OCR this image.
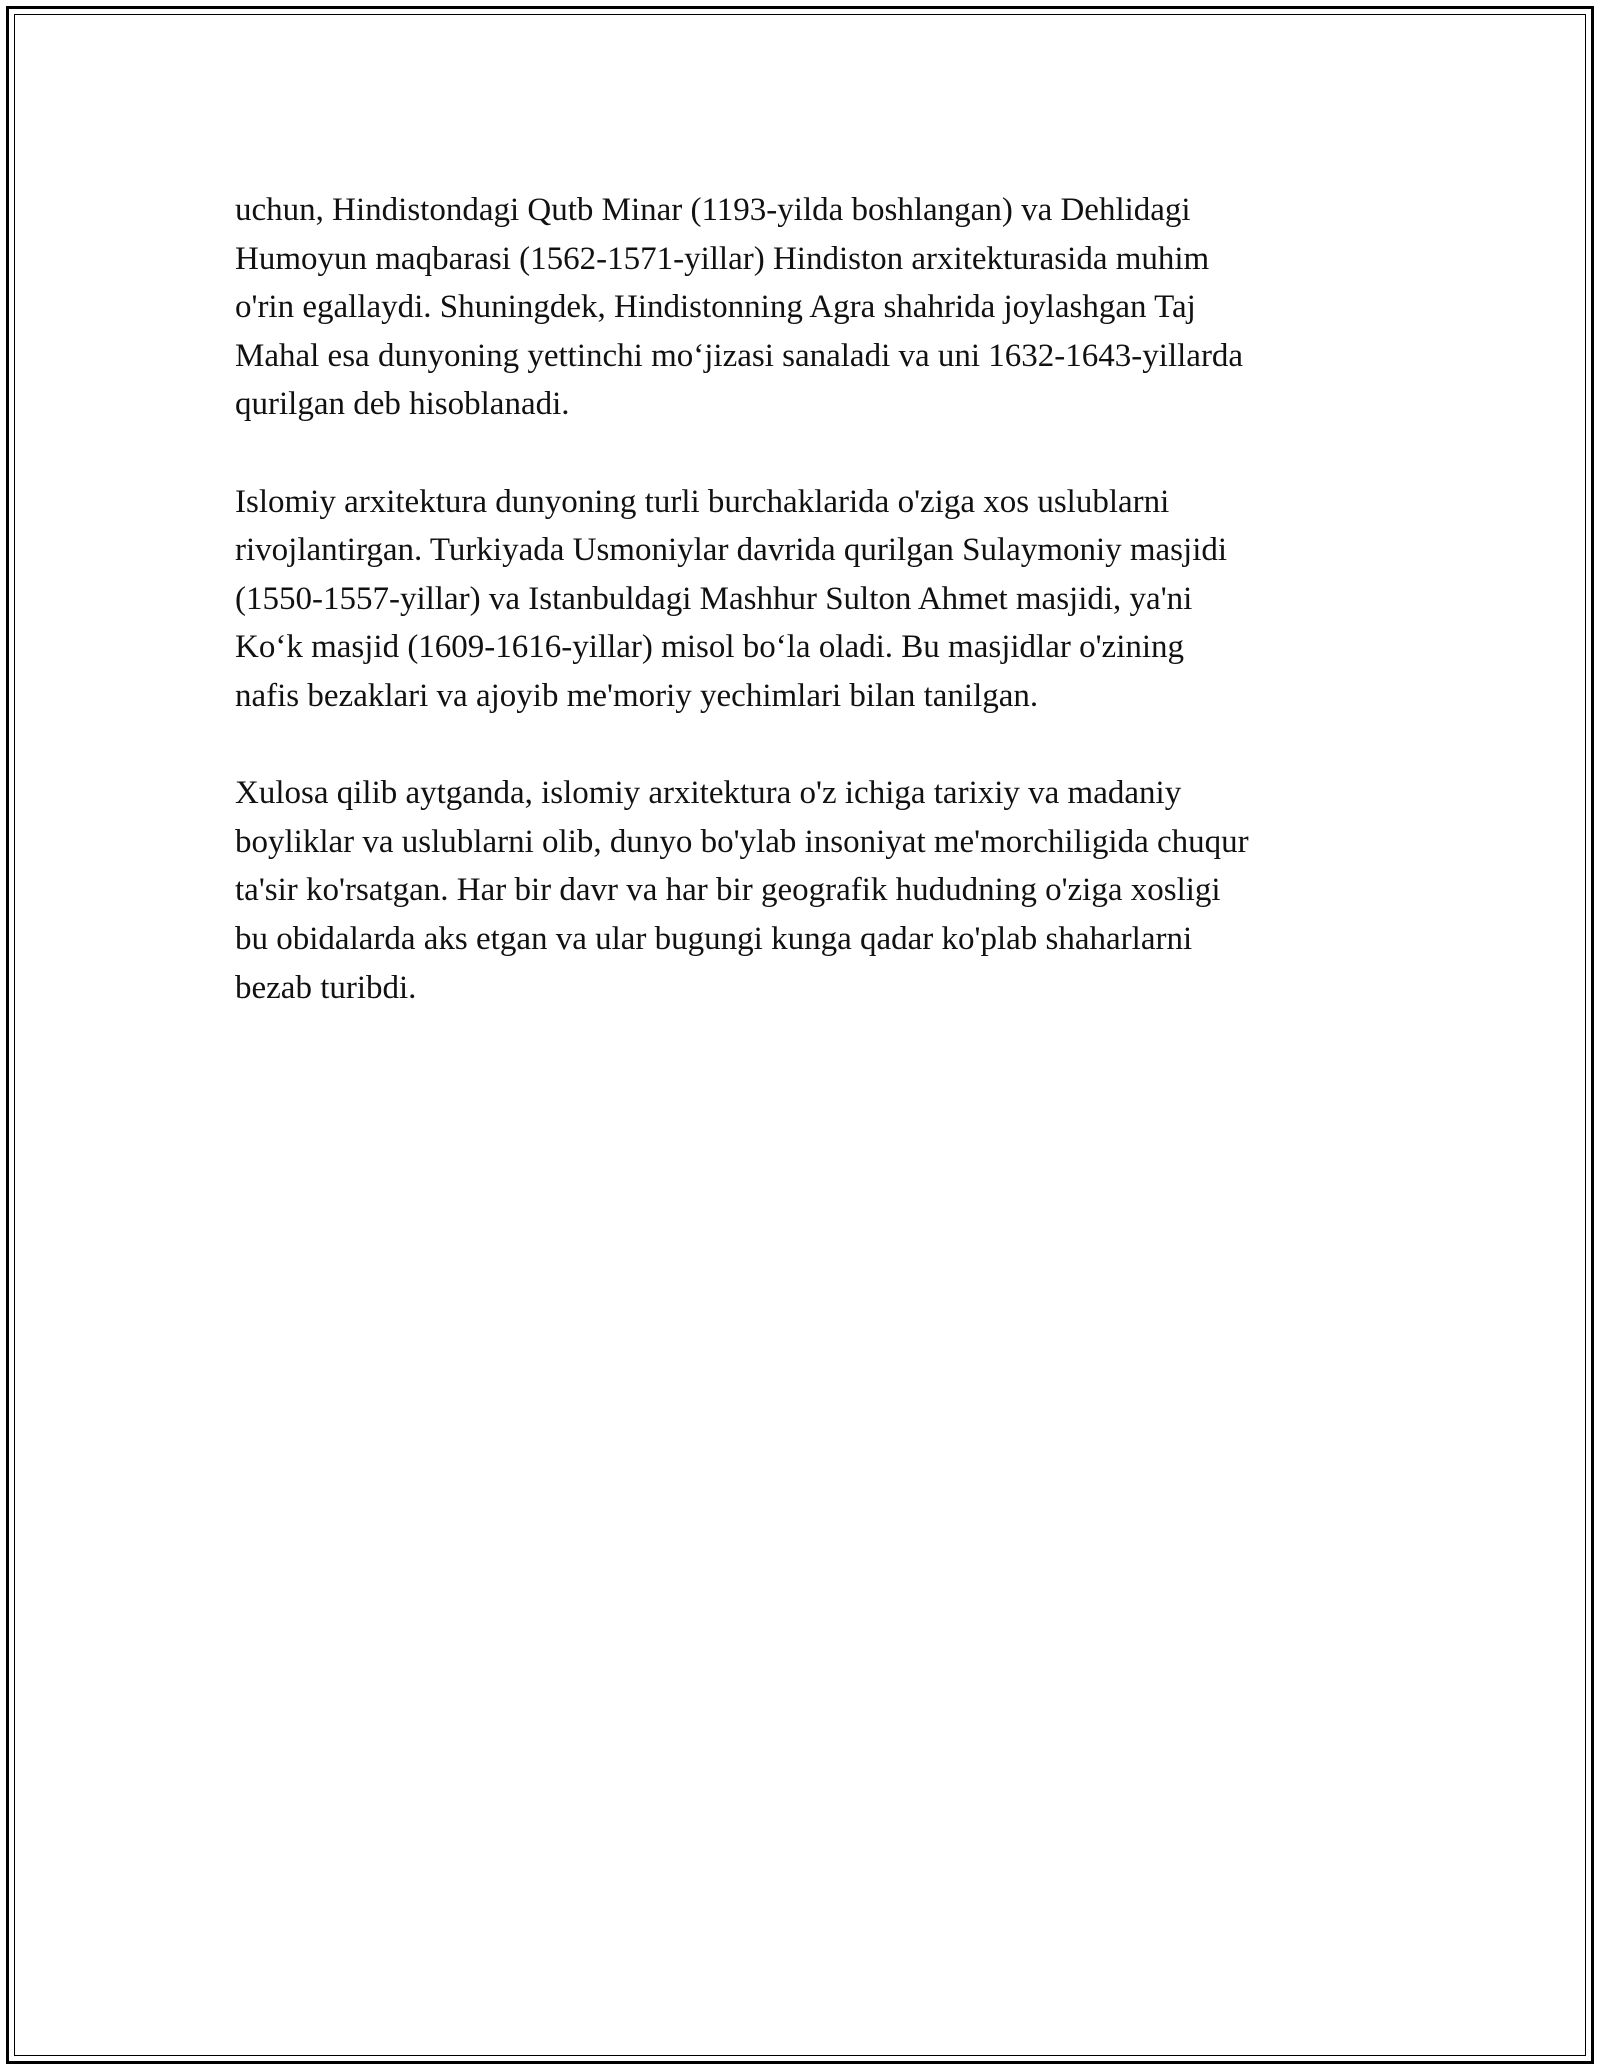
uchun, Hindistondagi Qutb Minar (1193-yilda boshlangan) va Dehlidagi
Humoyun maqbarasi (1562-1571-yillar) Hindiston arxitekturasida muhim
o'rin egallaydi. Shuningdek, Hindistonning Agra shahrida joylashgan Taj
Mahal esa dunyoning yettinchi mo‘jizasi sanaladi va uni 1632-1643-yillarda
qurilgan deb hisoblanadi.

Islomiy arxitektura dunyoning turli burchaklarida o'ziga xos uslublarni
rivojlantirgan. Turkiyada Usmoniylar davrida qurilgan Sulaymoniy masjidi
(1550-1557-yillar) va Istanbuldagi Mashhur Sulton Ahmet masjidi, ya'ni
Ko‘k masjid (1609-1616-yillar) misol bo‘la oladi. Bu masjidlar o'zining
nafis bezaklari va ajoyib me'moriy yechimlari bilan tanilgan.

Xulosa qilib aytganda, islomiy arxitektura o'z ichiga tarixiy va madaniy
boyliklar va uslublarni olib, dunyo bo'ylab insoniyat me'morchiligida chuqur
ta'sir ko'rsatgan. Har bir davr va har bir geografik hududning o'ziga xosligi
bu obidalarda aks etgan va ular bugungi kunga qadar ko'plab shaharlarni
bezab turibdi.
